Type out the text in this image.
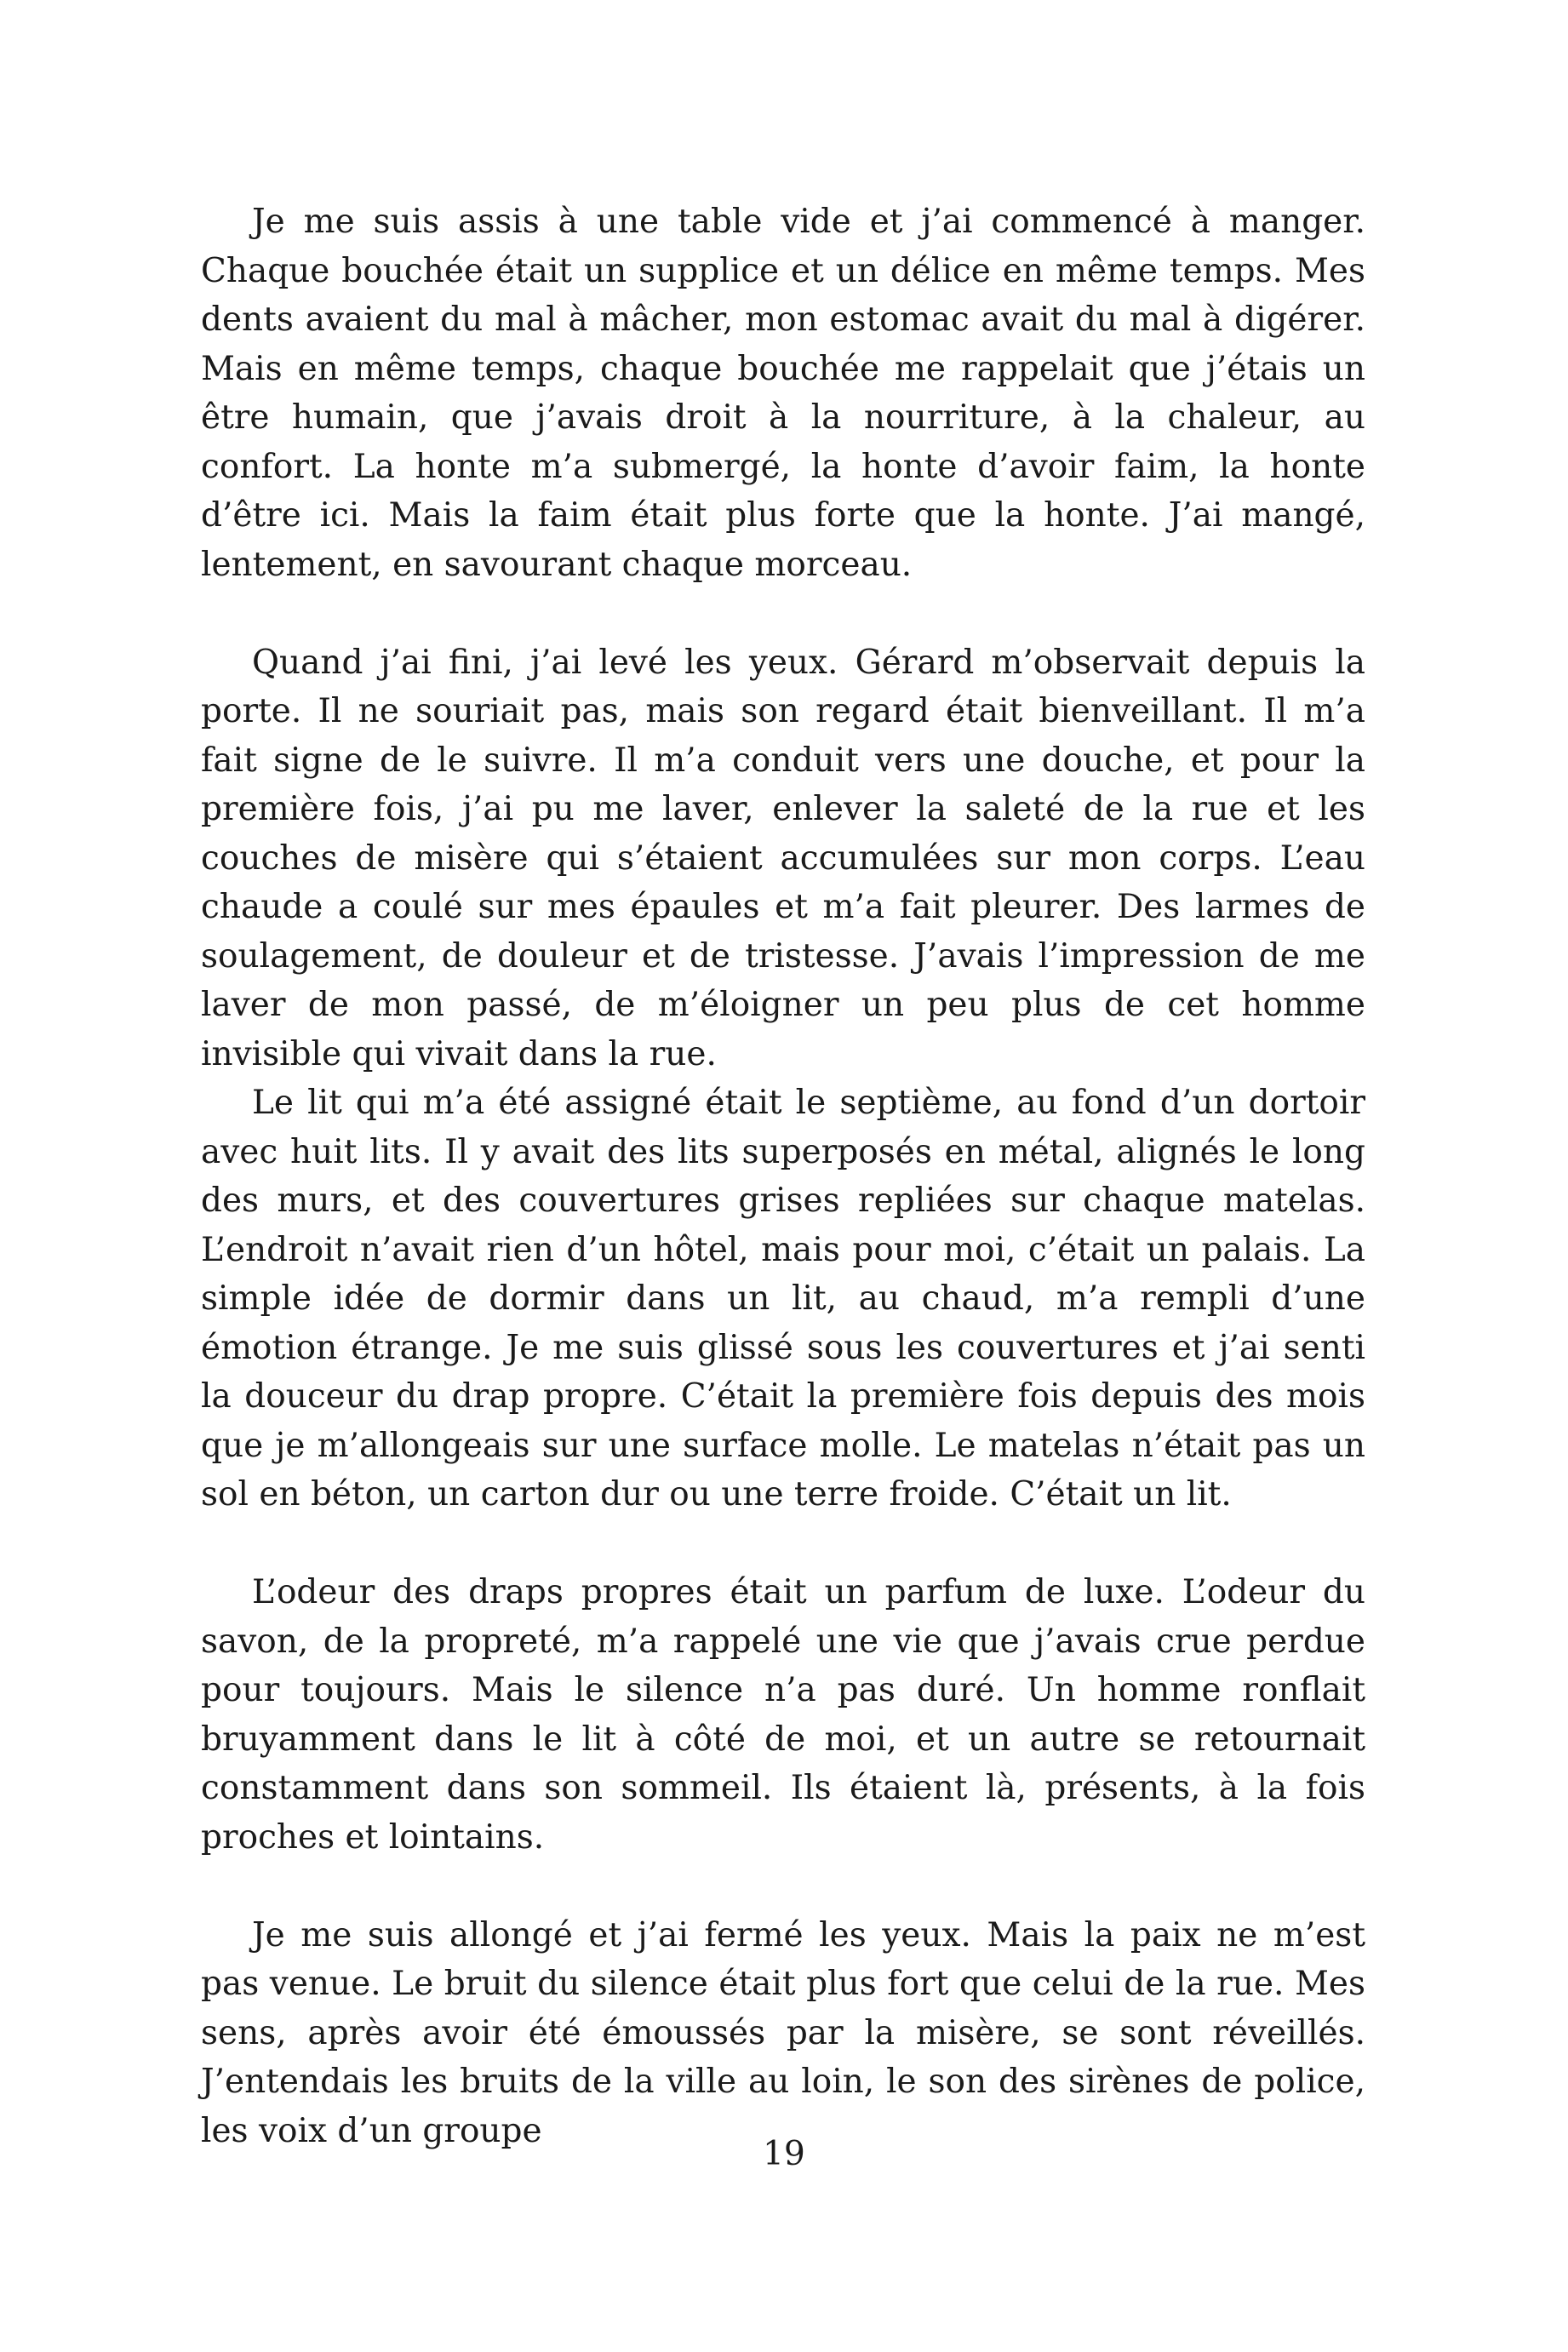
Je me suis assis à une table vide et j’ai commencé à manger. Chaque bouchée était un supplice et un délice en même temps. Mes dents avaient du mal à mâcher, mon estomac avait du mal à digérer. Mais en même temps, chaque bouchée me rappelait que j’étais un être humain, que j’avais droit à la nourriture, à la chaleur, au confort. La honte m’a submergé, la honte d’avoir faim, la honte d’être ici. Mais la faim était plus forte que la honte. J’ai mangé, lentement, en savourant chaque morceau.

Quand j’ai fini, j’ai levé les yeux. Gérard m’observait depuis la porte. Il ne souriait pas, mais son regard était bienveillant. Il m’a fait signe de le suivre. Il m’a conduit vers une douche, et pour la première fois, j’ai pu me laver, enlever la saleté de la rue et les couches de misère qui s’étaient accumulées sur mon corps. L’eau chaude a coulé sur mes épaules et m’a fait pleurer. Des larmes de soulagement, de douleur et de tristesse. J’avais l’impression de me laver de mon passé, de m’éloigner un peu plus de cet homme invisible qui vivait dans la rue.

Le lit qui m’a été assigné était le septième, au fond d’un dortoir avec huit lits. Il y avait des lits superposés en métal, alignés le long des murs, et des couvertures grises repliées sur chaque matelas. L’endroit n’avait rien d’un hôtel, mais pour moi, c’était un palais. La simple idée de dormir dans un lit, au chaud, m’a rempli d’une émotion étrange. Je me suis glissé sous les couvertures et j’ai senti la douceur du drap propre. C’était la première fois depuis des mois que je m’allongeais sur une surface molle. Le matelas n’était pas un sol en béton, un carton dur ou une terre froide. C’était un lit.

L’odeur des draps propres était un parfum de luxe. L’odeur du savon, de la propreté, m’a rappelé une vie que j’avais crue perdue pour toujours. Mais le silence n’a pas duré. Un homme ronflait bruyamment dans le lit à côté de moi, et un autre se retournait constamment dans son sommeil. Ils étaient là, présents, à la fois proches et lointains.

Je me suis allongé et j’ai fermé les yeux. Mais la paix ne m’est pas venue. Le bruit du silence était plus fort que celui de la rue. Mes sens, après avoir été émoussés par la misère, se sont réveillés. J’entendais les bruits de la ville au loin, le son des sirènes de police, les voix d’un groupe

19
